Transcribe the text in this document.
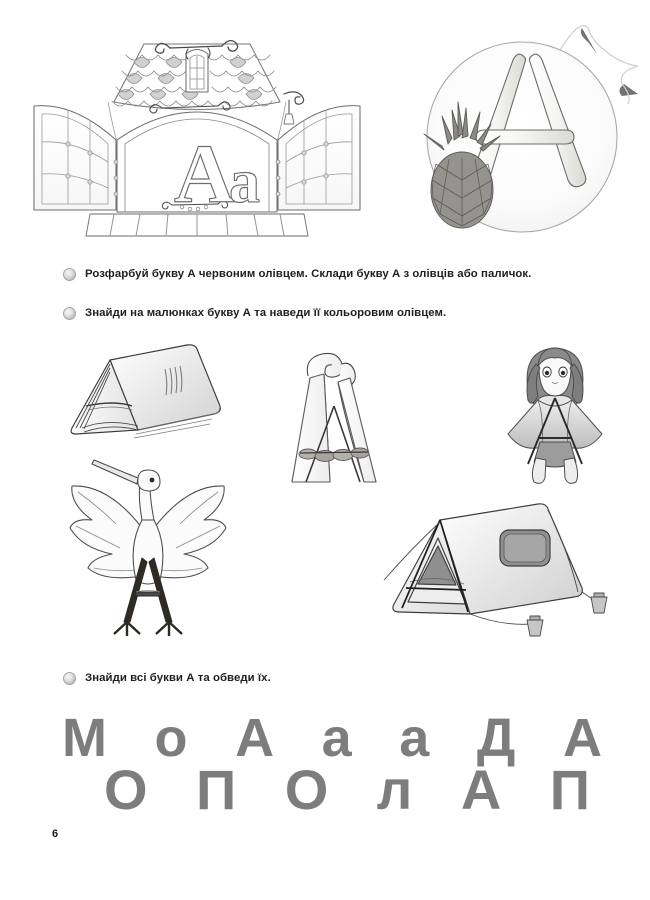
A
a
Розфарбуй букву А червоним олівцем. Склади букву А з олівців або паличок.
Знайди на малюнках букву А та наведи її кольоровим олівцем.
Знайди всі букви А та обведи їх.
М о А а а Д А
О П О л А П
6
